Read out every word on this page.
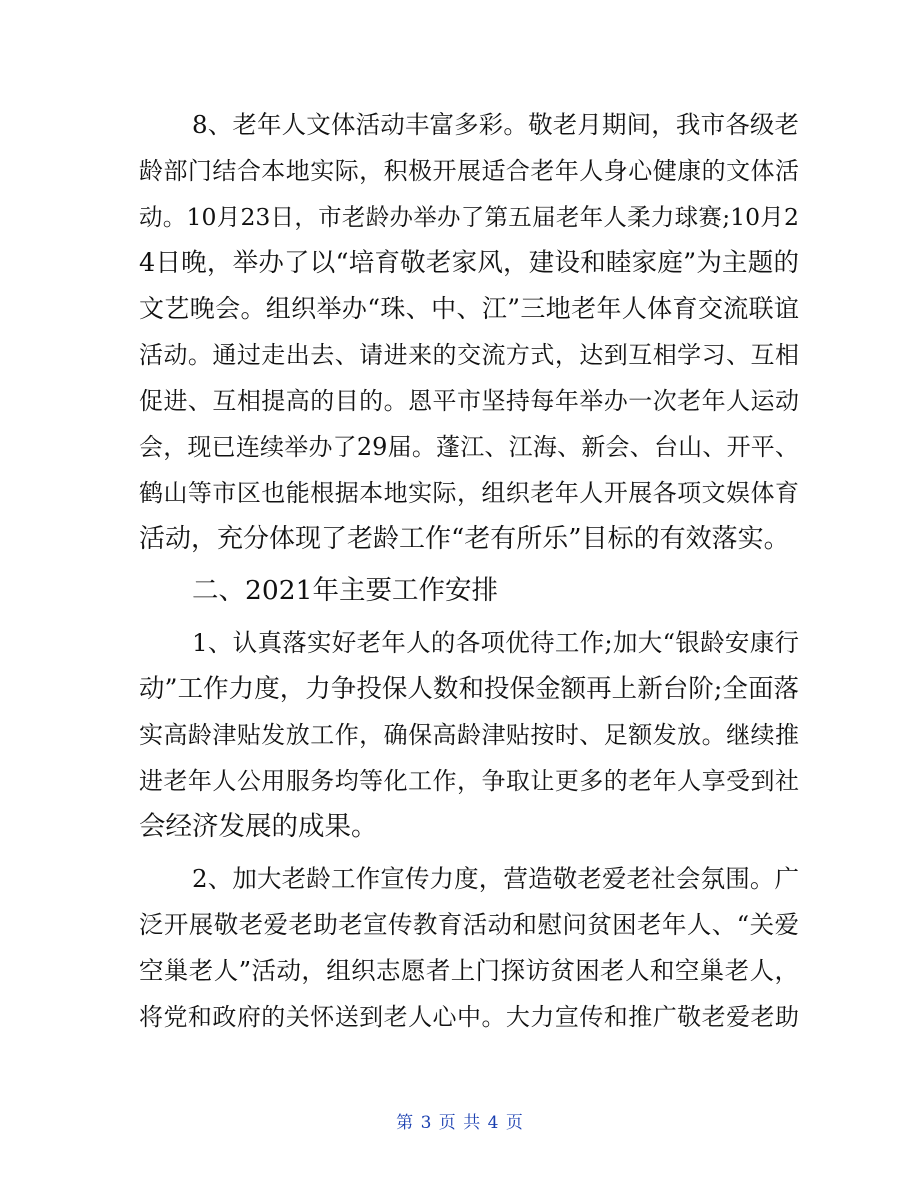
8、老年人文体活动丰富多彩。敬老月期间，我市各级老
龄部门结合本地实际，积极开展适合老年人身心健康的文体活
动。10月23日，市老龄办举办了第五届老年人柔力球赛;10月2
4日晚，举办了以“培育敬老家风，建设和睦家庭”为主题的
文艺晚会。组织举办“珠、中、江”三地老年人体育交流联谊
活动。通过走出去、请进来的交流方式，达到互相学习、互相
促进、互相提高的目的。恩平市坚持每年举办一次老年人运动
会，现已连续举办了29届。蓬江、江海、新会、台山、开平、
鹤山等市区也能根据本地实际，组织老年人开展各项文娱体育
活动，充分体现了老龄工作“老有所乐”目标的有效落实。
二、2021年主要工作安排
1、认真落实好老年人的各项优待工作;加大“银龄安康行
动”工作力度，力争投保人数和投保金额再上新台阶;全面落
实高龄津贴发放工作，确保高龄津贴按时、足额发放。继续推
进老年人公用服务均等化工作，争取让更多的老年人享受到社
会经济发展的成果。
2、加大老龄工作宣传力度，营造敬老爱老社会氛围。广
泛开展敬老爱老助老宣传教育活动和慰问贫困老年人、“关爱
空巢老人”活动，组织志愿者上门探访贫困老人和空巢老人，
将党和政府的关怀送到老人心中。大力宣传和推广敬老爱老助
第 3 页 共 4 页
